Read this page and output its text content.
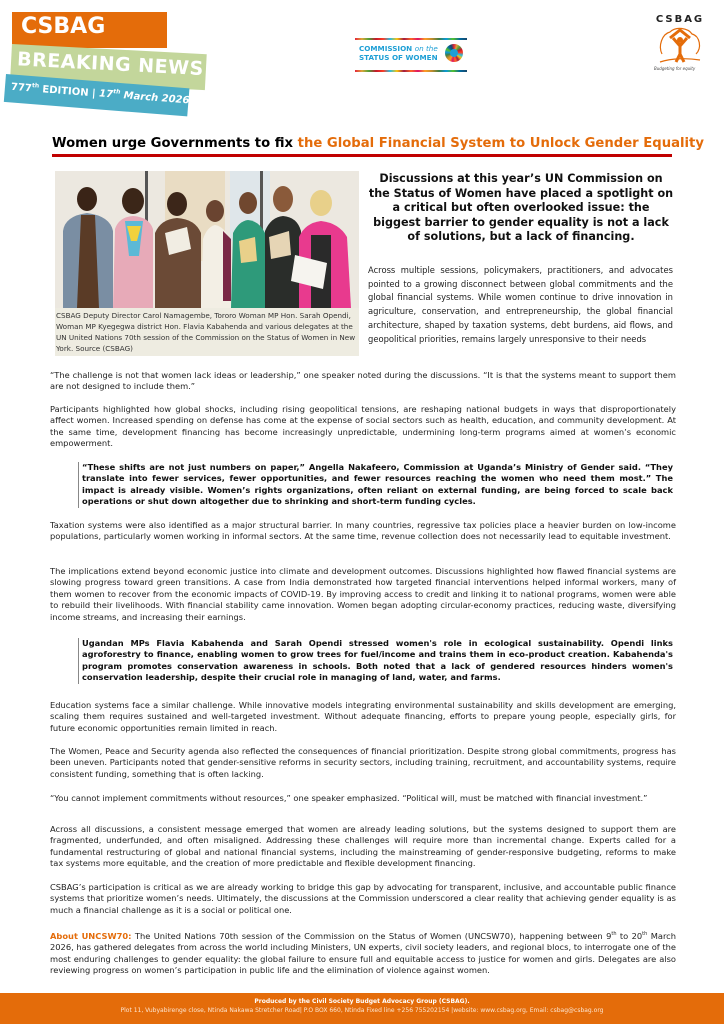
CSBAG
BREAKING NEWS
777th EDITION | 17th March 2026
COMMISSION on the
STATUS OF WOMEN
CSBAG
Budgeting for equity
Women urge Governments to fix the Global Financial System to Unlock Gender Equality
CSBAG Deputy Director Carol Namagembe, Tororo Woman MP Hon. Sarah Opendi, Woman MP Kyegegwa district Hon. Flavia Kabahenda and various delegates at the UN United Nations 70th session of the Commission on the Status of Women in New York. Source (CSBAG)
Discussions at this year’s UN Commission on the Status of Women have placed a spotlight on a critical but often overlooked issue: the biggest barrier to gender equality is not a lack of solutions, but a lack of financing.
Across multiple sessions, policymakers, practitioners, and advocates pointed to a growing disconnect between global commitments and the global financial systems. While women continue to drive innovation in agriculture, conservation, and entrepreneurship, the global financial architecture, shaped by taxation systems, debt burdens, aid flows, and geopolitical priorities, remains largely unresponsive to their needs

“The challenge is not that women lack ideas or leadership,” one speaker noted during the discussions. “It is that the systems meant to support them are not designed to include them.”

Participants highlighted how global shocks, including rising geopolitical tensions, are reshaping national budgets in ways that disproportionately affect women. Increased spending on defense has come at the expense of social sectors such as health, education, and community development. At the same time, development financing has become increasingly unpredictable, undermining long-term programs aimed at women’s economic empowerment.

“These shifts are not just numbers on paper,” Angella Nakafeero, Commission at Uganda’s Ministry of Gender said. “They translate into fewer services, fewer opportunities, and fewer resources reaching the women who need them most.” The impact is already visible. Women’s rights organizations, often reliant on external funding, are being forced to scale back operations or shut down altogether due to shrinking and short-term funding cycles.

Taxation systems were also identified as a major structural barrier. In many countries, regressive tax policies place a heavier burden on low-income populations, particularly women working in informal sectors. At the same time, revenue collection does not necessarily lead to equitable investment.

The implications extend beyond economic justice into climate and development outcomes. Discussions highlighted how flawed financial systems are slowing progress toward green transitions. A case from India demonstrated how targeted financial interventions helped informal workers, many of them women to recover from the economic impacts of COVID-19. By improving access to credit and linking it to national programs, women were able to rebuild their livelihoods. With financial stability came innovation. Women began adopting circular-economy practices, reducing waste, diversifying income streams, and increasing their earnings.

Ugandan MPs Flavia Kabahenda and Sarah Opendi stressed women's role in ecological sustainability. Opendi links agroforestry to finance, enabling women to grow trees for fuel/income and trains them in eco-product creation. Kabahenda's program promotes conservation awareness in schools. Both noted that a lack of gendered resources hinders women's conservation leadership, despite their crucial role in managing of land, water, and farms.

Education systems face a similar challenge. While innovative models integrating environmental sustainability and skills development are emerging, scaling them requires sustained and well-targeted investment. Without adequate financing, efforts to prepare young people, especially girls, for future economic opportunities remain limited in reach.

The Women, Peace and Security agenda also reflected the consequences of financial prioritization. Despite strong global commitments, progress has been uneven. Participants noted that gender-sensitive reforms in security sectors, including training, recruitment, and accountability systems, require consistent funding, something that is often lacking.

“You cannot implement commitments without resources,” one speaker emphasized. “Political will, must be matched with financial investment.”

Across all discussions, a consistent message emerged that women are already leading solutions, but the systems designed to support them are fragmented, underfunded, and often misaligned. Addressing these challenges will require more than incremental change. Experts called for a fundamental restructuring of global and national financial systems, including the mainstreaming of gender-responsive budgeting, reforms to make tax systems more equitable, and the creation of more predictable and flexible development financing.

CSBAG’s participation is critical as we are already working to bridge this gap by advocating for transparent, inclusive, and accountable public finance systems that prioritize women’s needs. Ultimately, the discussions at the Commission underscored a clear reality that achieving gender equality is as much a financial challenge as it is a social or political one.

About UNCSW70: The United Nations 70th session of the Commission on the Status of Women (UNCSW70), happening between 9th to 20th March 2026, has gathered delegates from across the world including Ministers, UN experts, civil society leaders, and regional blocs, to interrogate one of the most enduring challenges to gender equality: the global failure to ensure full and equitable access to justice for women and girls. Delegates are also reviewing progress on women’s participation in public life and the elimination of violence against women.

Produced by the Civil Society Budget Advocacy Group (CSBAG).
Plot 11, Vubyabirenge close, Ntinda Nakawa Stretcher Road| P.O BOX 660, Ntinda Fixed line +256 755202154 |website: www.csbag.org, Email: csbag@csbag.org
